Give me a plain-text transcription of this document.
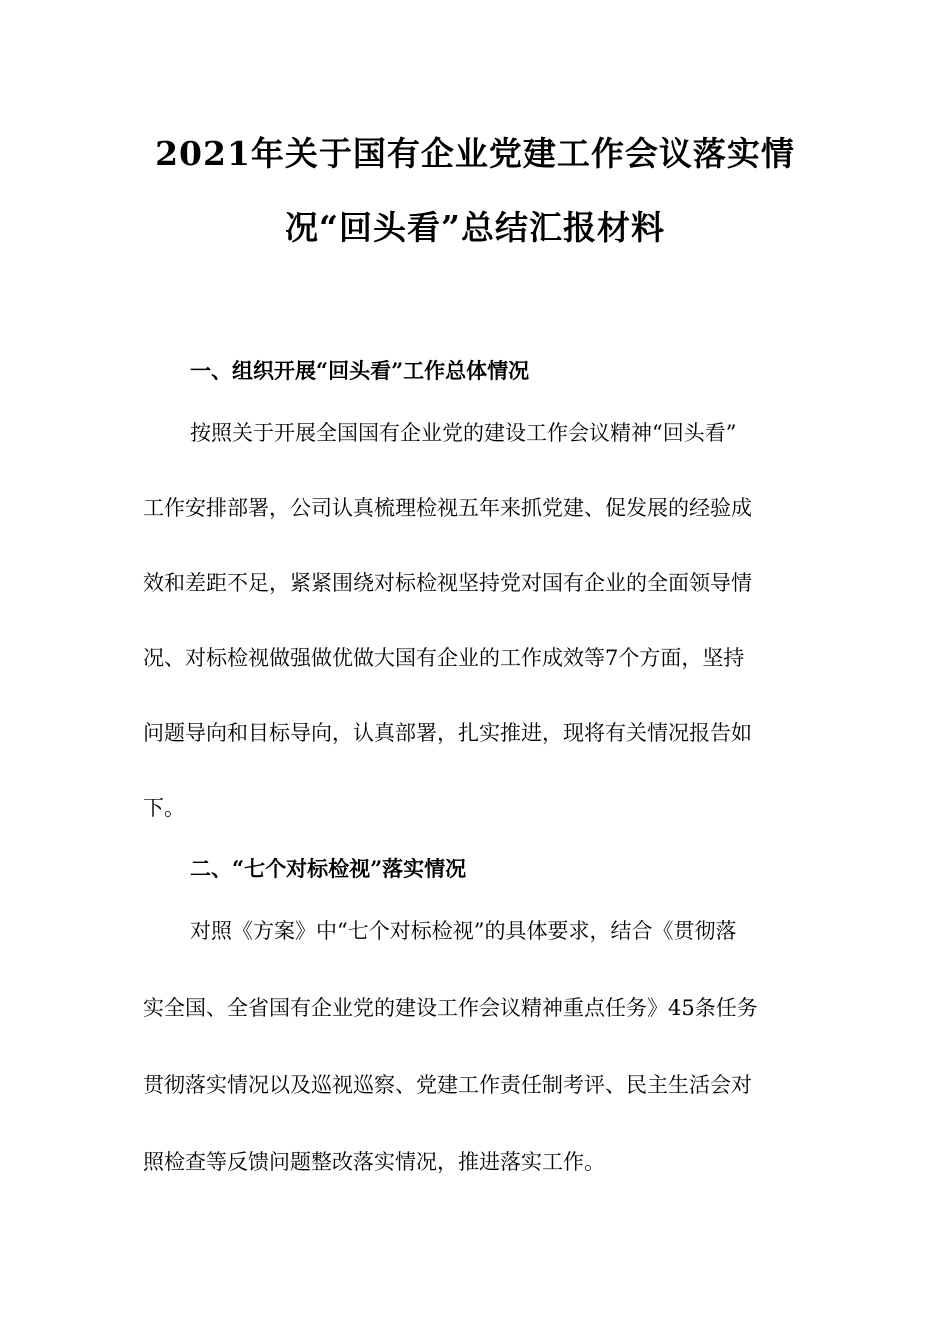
2021年关于国有企业党建工作会议落实情
况“回头看”总结汇报材料
一、组织开展“回头看”工作总体情况
按照关于开展全国国有企业党的建设工作会议精神“回头看”
工作安排部署，公司认真梳理检视五年来抓党建、促发展的经验成
效和差距不足，紧紧围绕对标检视坚持党对国有企业的全面领导情
况、对标检视做强做优做大国有企业的工作成效等7个方面，坚持
问题导向和目标导向，认真部署，扎实推进，现将有关情况报告如
下。
二、“七个对标检视”落实情况
对照《方案》中“七个对标检视”的具体要求，结合《贯彻落
实全国、全省国有企业党的建设工作会议精神重点任务》45条任务
贯彻落实情况以及巡视巡察、党建工作责任制考评、民主生活会对
照检查等反馈问题整改落实情况，推进落实工作。
